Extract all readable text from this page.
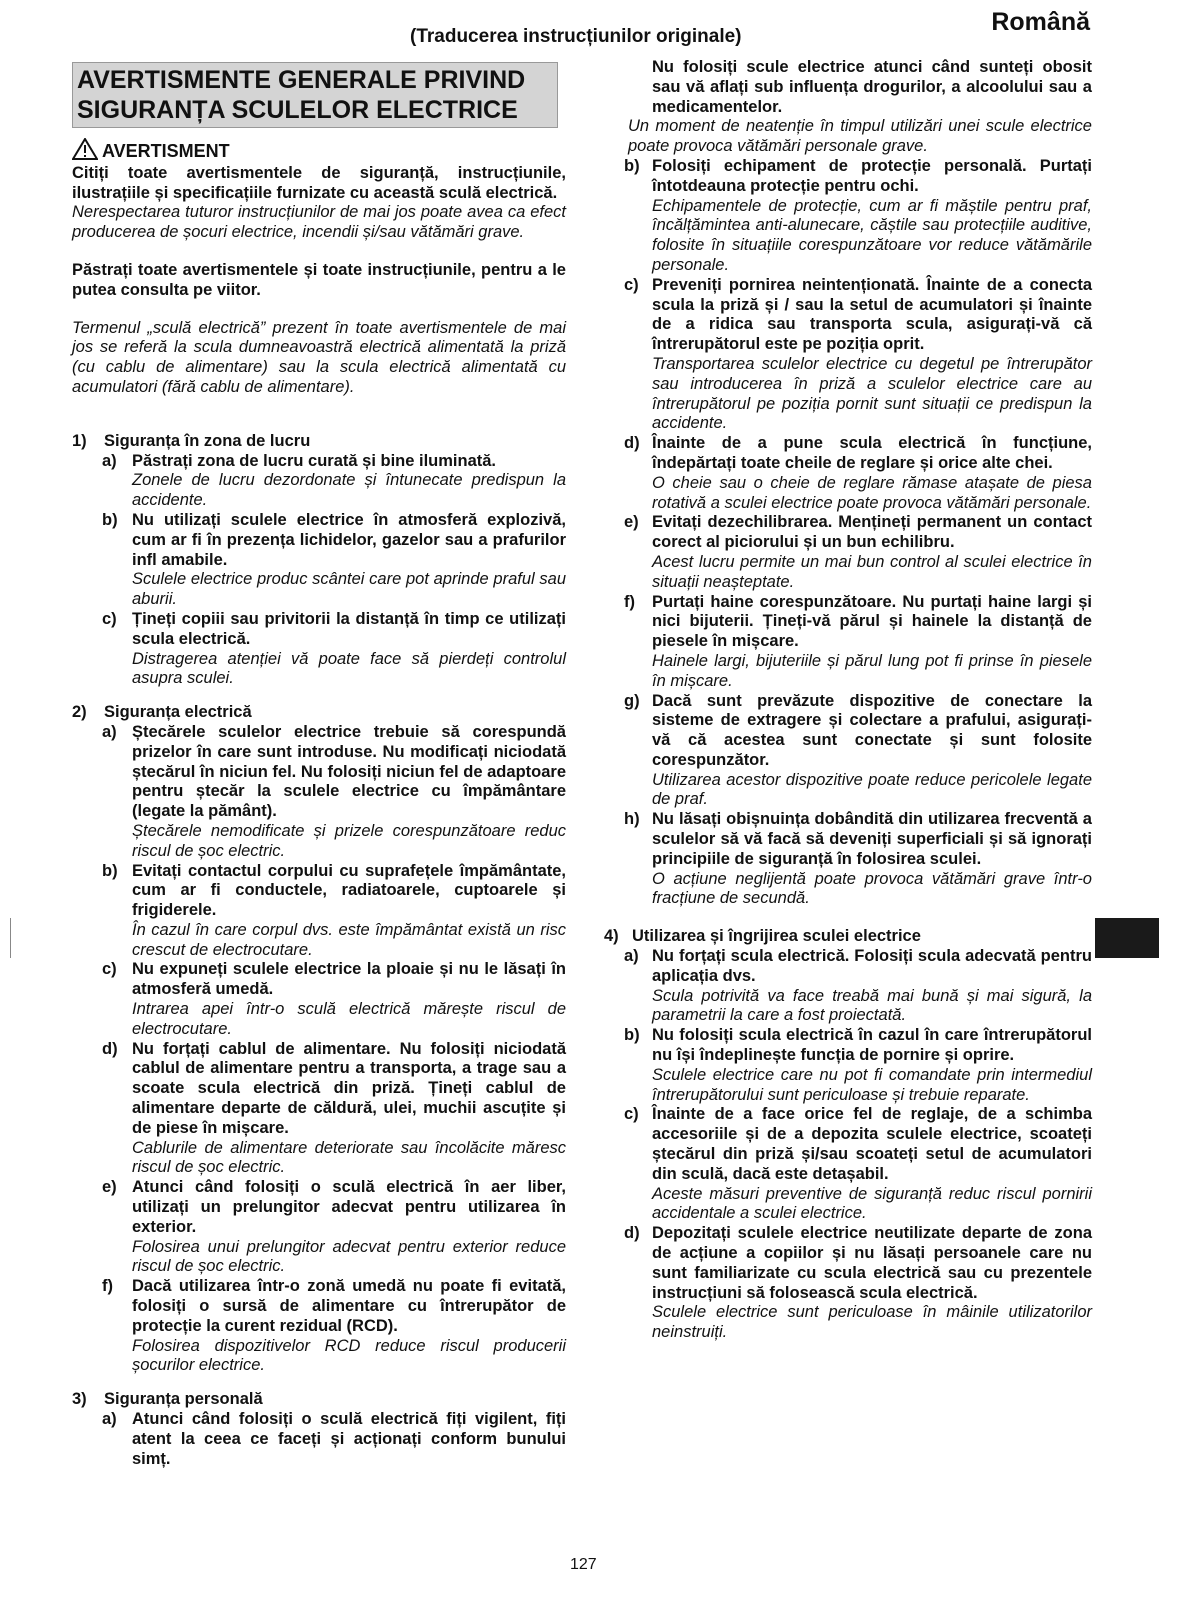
(Traducerea instrucțiunilor originale)
Română
AVERTISMENTE GENERALE PRIVIND
SIGURANȚA SCULELOR ELECTRICE
AVERTISMENT

Citiți toate avertismentele de siguranță, instrucțiunile, ilustrațiile și specificațiile furnizate cu această sculă electrică.

Nerespectarea tuturor instrucțiunilor de mai jos poate avea ca efect producerea de șocuri electrice, incendii și/sau vătămări grave.

Păstrați toate avertismentele și toate instrucțiunile, pentru a le putea consulta pe viitor.

Termenul „sculă electrică” prezent în toate avertismentele de mai jos se referă la scula dumneavoastră electrică alimentată la priză (cu cablu de alimentare) sau la scula electrică alimentată cu acumulatori (fără cablu de alimentare).

1)	Siguranța în zona de lucru
a) Păstrați zona de lucru curată și bine iluminată.

Zonele de lucru dezordonate și întunecate predispun la accidente.

b) Nu utilizați sculele electrice în atmosferă explozivă, cum ar fi în prezența lichidelor, gazelor sau a prafurilor infl amabile.

Sculele electrice produc scântei care pot aprinde praful sau aburii.

c) Țineți copiii sau privitorii la distanță în timp ce utilizați scula electrică.

Distragerea atenției vă poate face să pierdeți controlul asupra sculei.

2)	Siguranța electrică
a) Ștecărele sculelor electrice trebuie să corespundă prizelor în care sunt introduse. Nu modificați niciodată ștecărul în niciun fel. Nu folosiți niciun fel de adaptoare pentru ștecăr la sculele electrice cu împământare (legate la pământ).

Ștecărele nemodificate și prizele corespunzătoare reduc riscul de șoc electric.

b) Evitați contactul corpului cu suprafețele împământate, cum ar fi conductele, radiatoarele, cuptoarele și frigiderele.

În cazul în care corpul dvs. este împământat există un risc crescut de electrocutare.

c) Nu expuneți sculele electrice la ploaie și nu le lăsați în atmosferă umedă.

Intrarea apei într-o sculă electrică mărește riscul de electrocutare.

d) Nu forțați cablul de alimentare. Nu folosiți niciodată cablul de alimentare pentru a transporta, a trage sau a scoate scula electrică din priză. Țineți cablul de alimentare departe de căldură, ulei, muchii ascuțite și de piese în mișcare.

Cablurile de alimentare deteriorate sau încolăcite măresc riscul de șoc electric.

e) Atunci când folosiți o sculă electrică în aer liber, utilizați un prelungitor adecvat pentru utilizarea în exterior.

Folosirea unui prelungitor adecvat pentru exterior reduce riscul de șoc electric.

f)	Dacă utilizarea într-o zonă umedă nu poate fi evitată, folosiți o sursă de alimentare cu întrerupător de protecție la curent rezidual (RCD).

Folosirea dispozitivelor RCD reduce riscul producerii șocurilor electrice.

3)	Siguranța personală
a) Atunci când folosiți o sculă electrică fiți vigilent, fiți atent la ceea ce faceți și acționați conform bunului simț.

Nu folosiți scule electrice atunci când sunteți obosit sau vă aflați sub influența drogurilor, a alcoolului sau a medicamentelor.

Un moment de neatenție în timpul utilizări unei scule electrice poate provoca vătămări personale grave.

b) Folosiți echipament de protecție personală. Purtați întotdeauna protecție pentru ochi.

Echipamentele de protecție, cum ar fi măștile pentru praf, încălțămintea anti-alunecare, căștile sau protecțiile auditive, folosite în situațiile corespunzătoare vor reduce vătămările personale.

c) Preveniți pornirea neintenționată. Înainte de a conecta scula la priză și / sau la setul de acumulatori și înainte de a ridica sau transporta scula, asigurați-vă că întrerupătorul este pe poziția oprit.

Transportarea sculelor electrice cu degetul pe întrerupător sau introducerea în priză a sculelor electrice care au întrerupătorul pe poziția pornit sunt situații ce predispun la accidente.

d) Înainte de a pune scula electrică în funcțiune, îndepărtați toate cheile de reglare și orice alte chei.

O cheie sau o cheie de reglare rămase atașate de piesa rotativă a sculei electrice poate provoca vătămări personale.

e) Evitați dezechilibrarea. Mențineți permanent un contact corect al piciorului și un bun echilibru.

Acest lucru permite un mai bun control al sculei electrice în situații neașteptate.

f)	Purtați haine corespunzătoare. Nu purtați haine largi și nici bijuterii. Țineți-vă părul și hainele la distanță de piesele în mișcare.

Hainele largi, bijuteriile și părul lung pot fi prinse în piesele în mișcare.

g) Dacă sunt prevăzute dispozitive de conectare la sisteme de extragere și colectare a prafului, asigurați-vă că acestea sunt conectate și sunt folosite corespunzător.

Utilizarea acestor dispozitive poate reduce pericolele legate de praf.

h) Nu lăsați obișnuința dobândită din utilizarea frecventă a sculelor să vă facă să deveniți superficiali și să ignorați principiile de siguranță în folosirea sculei.

O acțiune neglijentă poate provoca vătămări grave într-o fracțiune de secundă.

4) Utilizarea și îngrijirea sculei electrice
a) Nu forțați scula electrică. Folosiți scula adecvată pentru aplicația dvs.

Scula potrivită va face treabă mai bună și mai sigură, la parametrii la care a fost proiectată.

b) Nu folosiți scula electrică în cazul în care întrerupătorul nu își îndeplinește funcția de pornire și oprire.

Sculele electrice care nu pot fi comandate prin intermediul întrerupătorului sunt periculoase și trebuie reparate.

c) Înainte de a face orice fel de reglaje, de a schimba accesoriile și de a depozita sculele electrice, scoateți ștecărul din priză și/sau scoateți setul de acumulatori din sculă, dacă este detașabil.

Aceste măsuri preventive de siguranță reduc riscul pornirii accidentale a sculei electrice.

d) Depozitați sculele electrice neutilizate departe de zona de acțiune a copiilor și nu lăsați persoanele care nu sunt familiarizate cu scula electrică sau cu prezentele instrucțiuni să folosească scula electrică.

Sculele electrice sunt periculoase în mâinile utilizatorilor neinstruiți.

127
